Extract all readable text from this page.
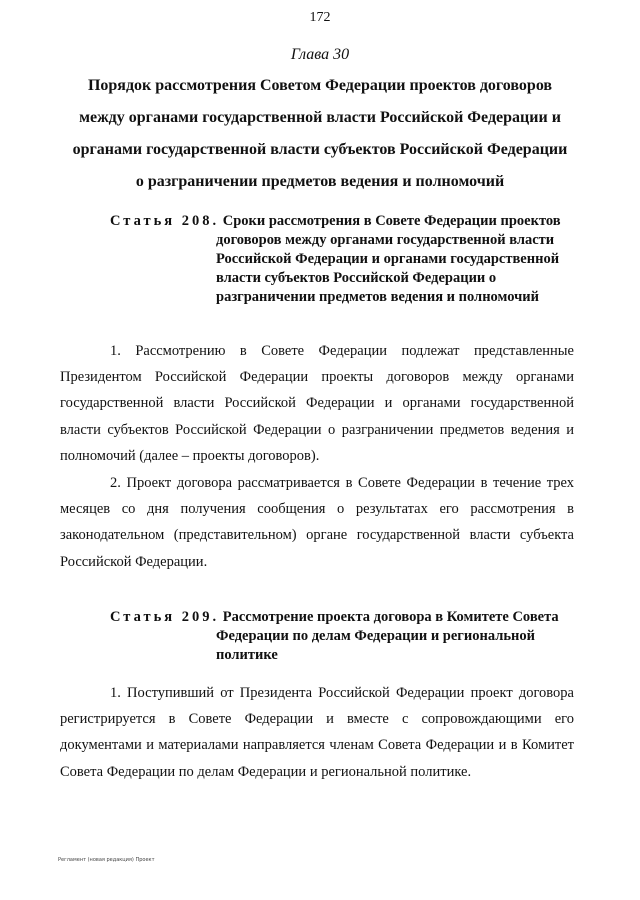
172
Глава 30
Порядок рассмотрения Советом Федерации проектов договоров между органами государственной власти Российской Федерации и органами государственной власти субъектов Российской Федерации о разграничении предметов ведения и полномочий
Статья 208. Сроки рассмотрения в Совете Федерации проектов
договоров между органами государственной власти Российской Федерации и органами государственной власти субъектов Российской Федерации о разграничении предметов ведения и полномочий

1. Рассмотрению в Совете Федерации подлежат представленные Президентом Российской Федерации проекты договоров между органами государственной власти Российской Федерации и органами государственной власти субъектов Российской Федерации о разграничении предметов ведения и полномочий (далее – проекты договоров).

2. Проект договора рассматривается в Совете Федерации в течение трех месяцев со дня получения сообщения о результатах его рассмотрения в законодательном (представительном) органе государственной власти субъекта Российской Федерации.

Статья 209. Рассмотрение проекта договора в Комитете Совета
Федерации по делам Федерации и региональной политике

1. Поступивший от Президента Российской Федерации проект договора регистрируется в Совете Федерации и вместе с сопровождающими его документами и материалами направляется членам Совета Федерации и в Комитет Совета Федерации по делам Федерации и региональной политике.

Регламент (новая редакция) Проект
